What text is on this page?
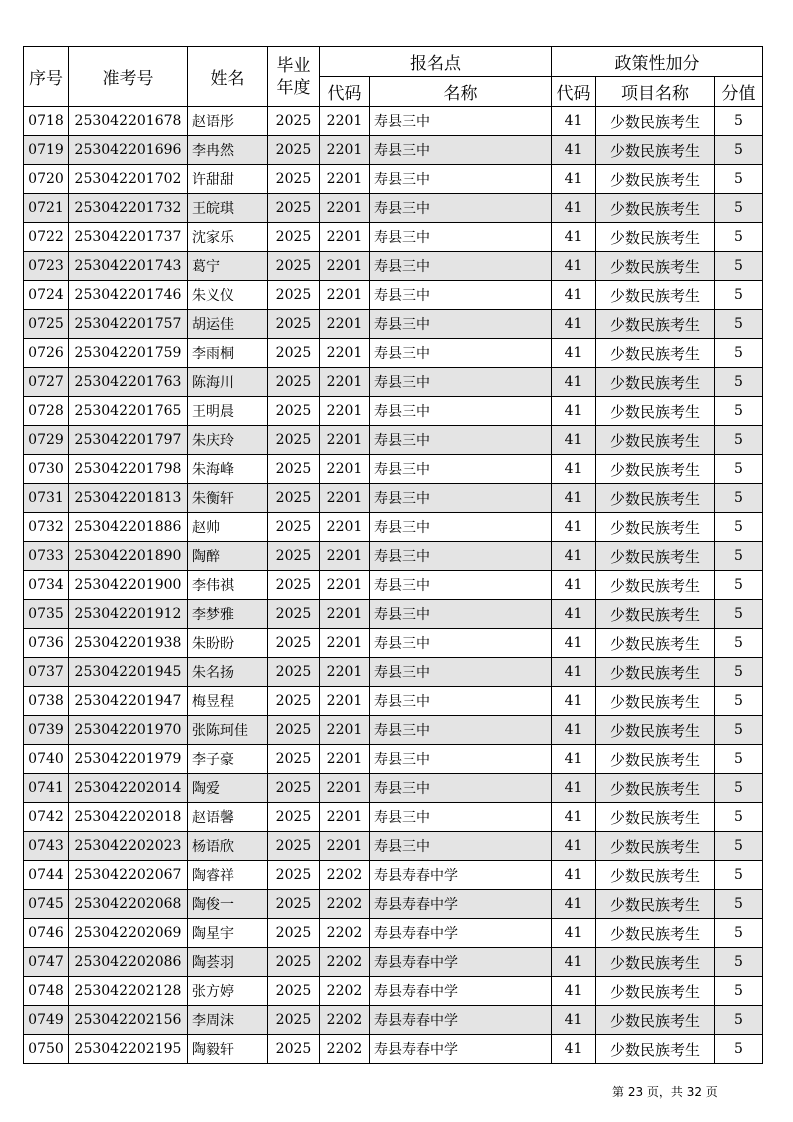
序号	准考号	姓名	毕业
年度	报名点		政策性加分		
				代码	名称	代码	项目名称	分值
0718	253042201678	赵语彤	2025	2201	寿县三中	41	少数民族考生	5
0719	253042201696	李冉然	2025	2201	寿县三中	41	少数民族考生	5
0720	253042201702	许甜甜	2025	2201	寿县三中	41	少数民族考生	5
0721	253042201732	王皖琪	2025	2201	寿县三中	41	少数民族考生	5
0722	253042201737	沈家乐	2025	2201	寿县三中	41	少数民族考生	5
0723	253042201743	葛宁	2025	2201	寿县三中	41	少数民族考生	5
0724	253042201746	朱义仪	2025	2201	寿县三中	41	少数民族考生	5
0725	253042201757	胡运佳	2025	2201	寿县三中	41	少数民族考生	5
0726	253042201759	李雨桐	2025	2201	寿县三中	41	少数民族考生	5
0727	253042201763	陈海川	2025	2201	寿县三中	41	少数民族考生	5
0728	253042201765	王明晨	2025	2201	寿县三中	41	少数民族考生	5
0729	253042201797	朱庆玲	2025	2201	寿县三中	41	少数民族考生	5
0730	253042201798	朱海峰	2025	2201	寿县三中	41	少数民族考生	5
0731	253042201813	朱衡轩	2025	2201	寿县三中	41	少数民族考生	5
0732	253042201886	赵帅	2025	2201	寿县三中	41	少数民族考生	5
0733	253042201890	陶醉	2025	2201	寿县三中	41	少数民族考生	5
0734	253042201900	李伟祺	2025	2201	寿县三中	41	少数民族考生	5
0735	253042201912	李梦雅	2025	2201	寿县三中	41	少数民族考生	5
0736	253042201938	朱盼盼	2025	2201	寿县三中	41	少数民族考生	5
0737	253042201945	朱名扬	2025	2201	寿县三中	41	少数民族考生	5
0738	253042201947	梅昱程	2025	2201	寿县三中	41	少数民族考生	5
0739	253042201970	张陈珂佳	2025	2201	寿县三中	41	少数民族考生	5
0740	253042201979	李子豪	2025	2201	寿县三中	41	少数民族考生	5
0741	253042202014	陶爱	2025	2201	寿县三中	41	少数民族考生	5
0742	253042202018	赵语馨	2025	2201	寿县三中	41	少数民族考生	5
0743	253042202023	杨语欣	2025	2201	寿县三中	41	少数民族考生	5
0744	253042202067	陶睿祥	2025	2202	寿县寿春中学	41	少数民族考生	5
0745	253042202068	陶俊一	2025	2202	寿县寿春中学	41	少数民族考生	5
0746	253042202069	陶星宇	2025	2202	寿县寿春中学	41	少数民族考生	5
0747	253042202086	陶荟羽	2025	2202	寿县寿春中学	41	少数民族考生	5
0748	253042202128	张方婷	2025	2202	寿县寿春中学	41	少数民族考生	5
0749	253042202156	李周沫	2025	2202	寿县寿春中学	41	少数民族考生	5
0750	253042202195	陶毅轩	2025	2202	寿县寿春中学	41	少数民族考生	5
第 23 页，共 32 页
